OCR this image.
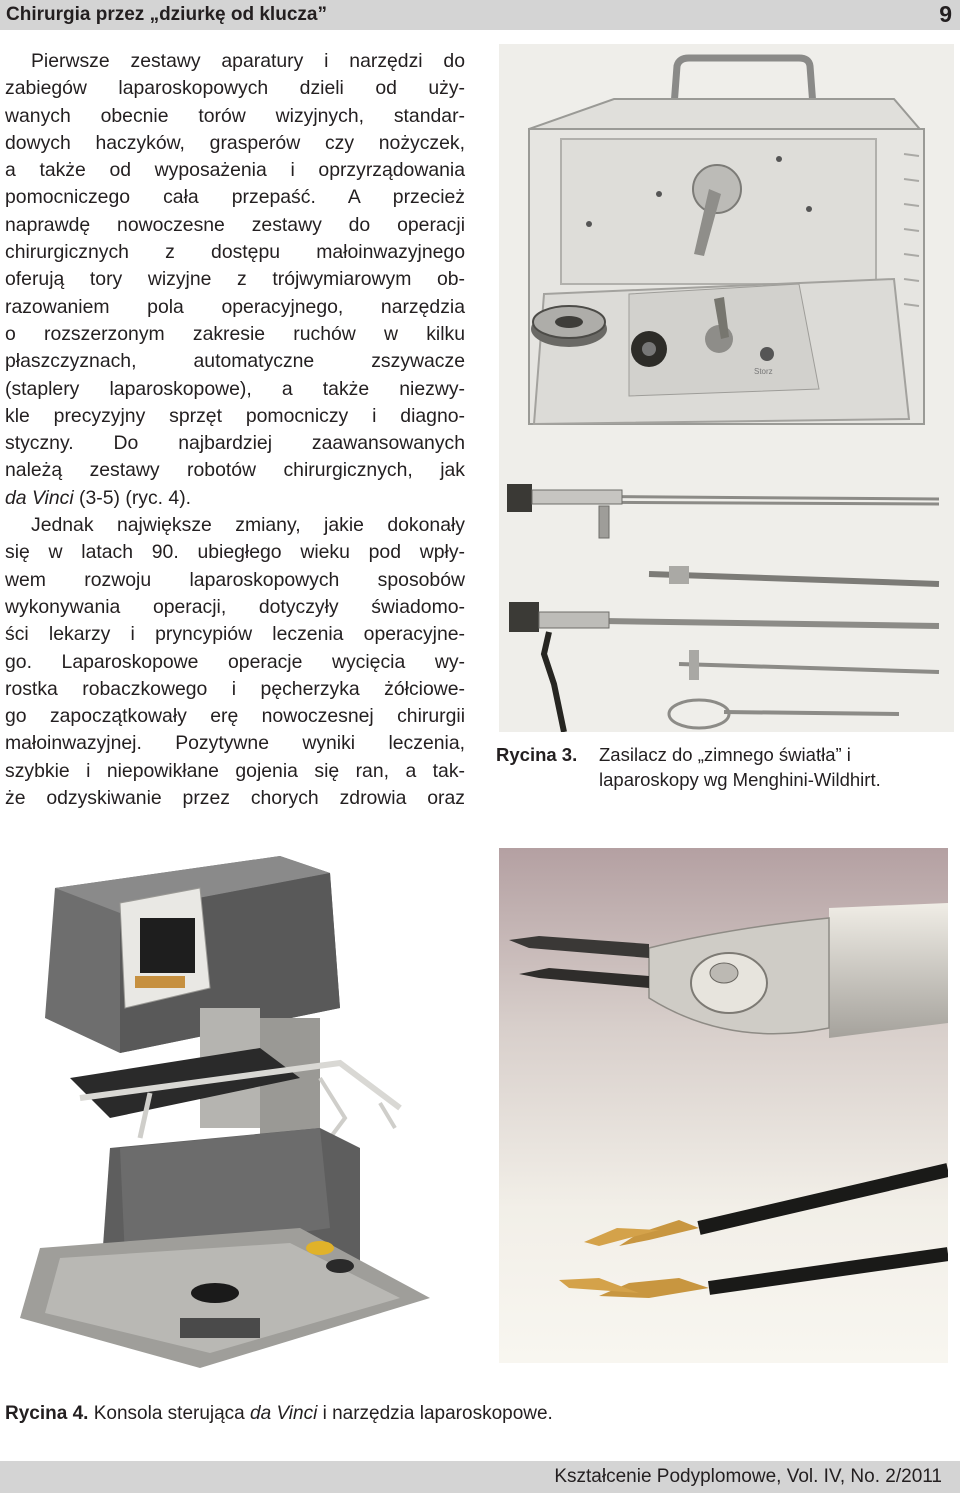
Chirurgia przez „dziurkę od klucza”	9

Pierwsze zestawy aparatury i narzędzi do
zabiegów laparoskopowych dzieli od uży-
wanych obecnie torów wizyjnych, standar-
dowych haczyków, grasperów czy nożyczek,
a także od wyposażenia i oprzyrządowania
pomocniczego cała przepaść. A przecież
naprawdę nowoczesne zestawy do operacji
chirurgicznych z dostępu małoinwazyjnego
oferują tory wizyjne z trójwymiarowym ob-
razowaniem pola operacyjnego, narzędzia
o rozszerzonym zakresie ruchów w kilku
płaszczyznach, automatyczne zszywacze
(staplery laparoskopowe), a także niezwy-
kle precyzyjny sprzęt pomocniczy i diagno-
styczny. Do najbardziej zaawansowanych
należą zestawy robotów chirurgicznych, jak
da Vinci (3-5) (ryc. 4).

Jednak największe zmiany, jakie dokonały
się w latach 90. ubiegłego wieku pod wpły-
wem rozwoju laparoskopowych sposobów
wykonywania operacji, dotyczyły świadomo-
ści lekarzy i pryncypiów leczenia operacyjne-
go. Laparoskopowe operacje wycięcia wy-
rostka robaczkowego i pęcherzyka żółciowe-
go zapoczątkowały erę nowoczesnej chirurgii
małoinwazyjnej. Pozytywne wyniki leczenia,
szybkie i niepowikłane gojenia się ran, a tak-
że odzyskiwanie przez chorych zdrowia oraz

Storz
Rycina 3. Zasilacz do „zimnego światła” i laparoskopy wg Menghini-Wildhirt.
Rycina 4. Konsola sterująca da Vinci i narzędzia laparoskopowe.
Kształcenie Podyplomowe, Vol. IV, No. 2/2011
